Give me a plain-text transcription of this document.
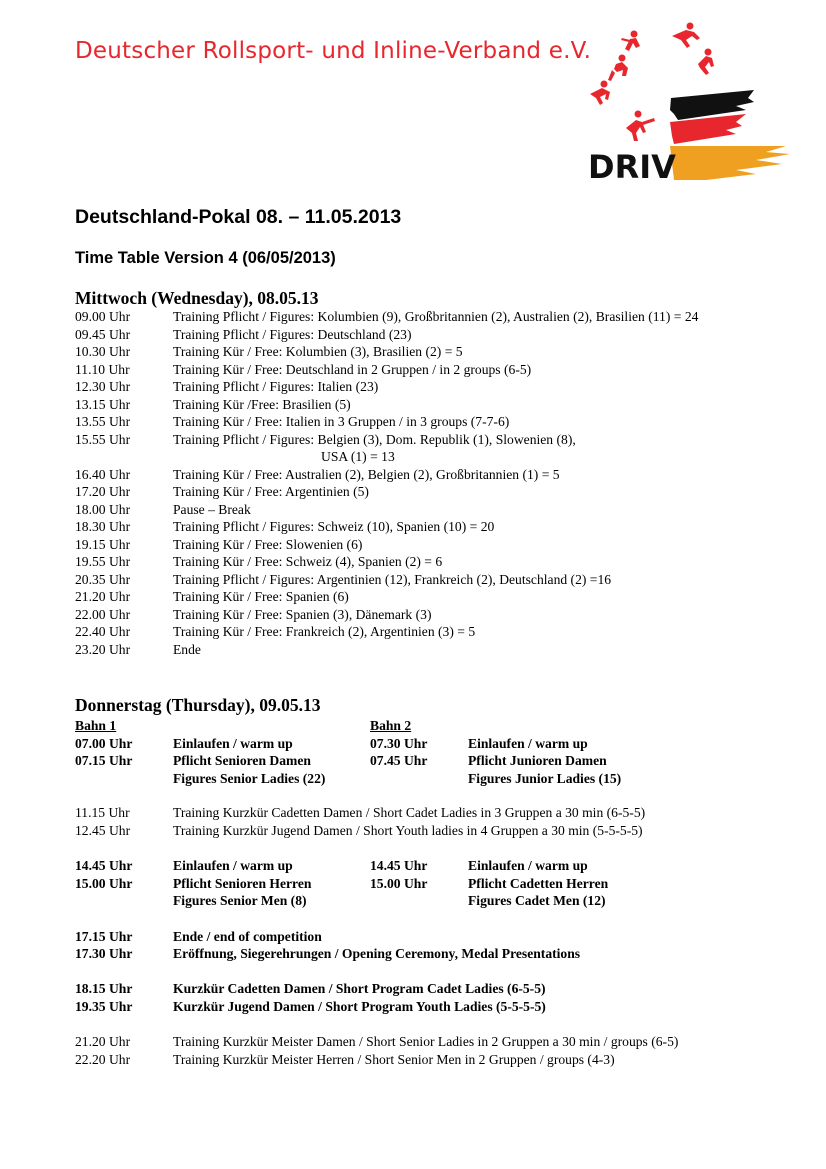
Deutscher Rollsport- und Inline-Verband e.V.
DRIV
Deutschland-Pokal 08. – 11.05.2013
Time Table Version 4 (06/05/2013)
Mittwoch (Wednesday), 08.05.13
09.00 Uhr	Training Pflicht / Figures: Kolumbien (9), Großbritannien (2), Australien (2), Brasilien (11) = 24
09.45 Uhr	Training Pflicht / Figures: Deutschland (23)
10.30 Uhr	Training Kür / Free: Kolumbien (3), Brasilien (2) = 5
11.10 Uhr	Training Kür / Free: Deutschland in 2 Gruppen / in 2 groups (6-5)
12.30 Uhr	Training Pflicht / Figures: Italien (23)
13.15 Uhr	Training Kür /Free: Brasilien (5)
13.55 Uhr	Training Kür / Free: Italien in 3 Gruppen / in 3 groups (7-7-6)
15.55 Uhr	Training Pflicht / Figures: Belgien (3), Dom. Republik (1), Slowenien (8),
USA (1) = 13
16.40 Uhr	Training Kür / Free: Australien (2), Belgien (2), Großbritannien (1) = 5
17.20 Uhr	Training Kür / Free: Argentinien (5)
18.00 Uhr	Pause – Break
18.30 Uhr	Training Pflicht / Figures: Schweiz (10), Spanien (10) = 20
19.15 Uhr	Training Kür / Free: Slowenien (6)
19.55 Uhr	Training Kür / Free: Schweiz (4), Spanien (2) = 6
20.35 Uhr	Training Pflicht / Figures: Argentinien (12), Frankreich (2), Deutschland (2) =16
21.20 Uhr	Training Kür / Free: Spanien (6)
22.00 Uhr	Training Kür / Free: Spanien (3), Dänemark (3)
22.40 Uhr	Training Kür / Free: Frankreich (2), Argentinien (3) = 5
23.20 Uhr	Ende
Donnerstag (Thursday), 09.05.13
Bahn 1	Bahn 2
07.00 Uhr	Einlaufen / warm up	07.30 Uhr	Einlaufen / warm up
07.15 Uhr	Pflicht Senioren Damen	07.45 Uhr	Pflicht Junioren Damen
Figures Senior Ladies (22)	Figures Junior Ladies (15)
11.15 Uhr	Training Kurzkür Cadetten Damen / Short Cadet Ladies in 3 Gruppen a 30 min (6-5-5)
12.45 Uhr	Training Kurzkür Jugend Damen / Short Youth ladies in 4 Gruppen a 30 min (5-5-5-5)
14.45 Uhr	Einlaufen / warm up	14.45 Uhr	Einlaufen / warm up
15.00 Uhr	Pflicht Senioren Herren	15.00 Uhr	Pflicht Cadetten Herren
Figures Senior Men (8)	Figures Cadet Men (12)
17.15 Uhr	Ende / end of competition
17.30 Uhr	Eröffnung, Siegerehrungen / Opening Ceremony, Medal Presentations
18.15 Uhr	Kurzkür Cadetten Damen / Short Program Cadet Ladies (6-5-5)
19.35 Uhr	Kurzkür Jugend Damen / Short Program Youth Ladies (5-5-5-5)
21.20 Uhr	Training Kurzkür Meister Damen / Short Senior Ladies in 2 Gruppen a 30 min / groups (6-5)
22.20 Uhr	Training Kurzkür Meister Herren / Short Senior Men in 2 Gruppen / groups (4-3)
